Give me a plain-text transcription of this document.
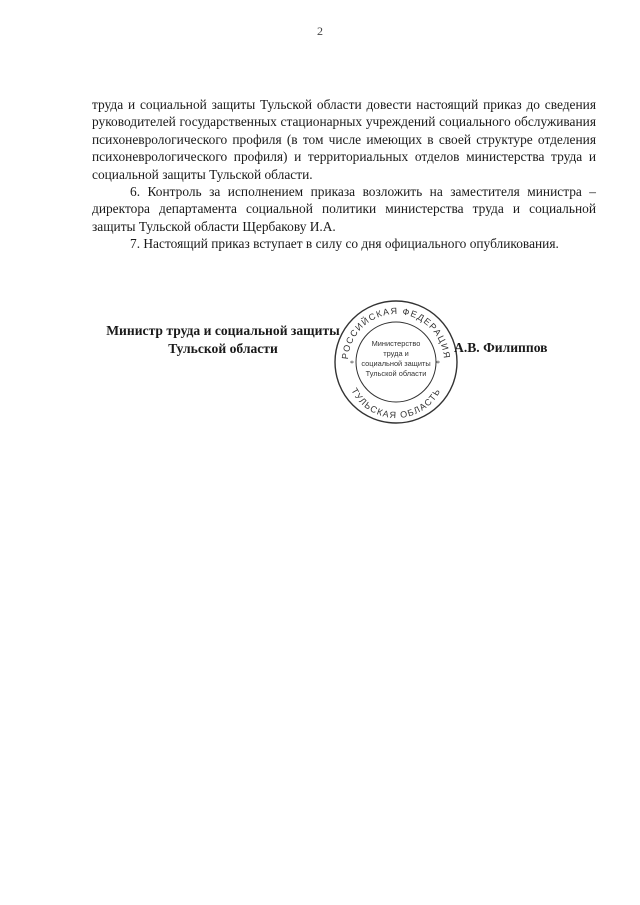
2

труда и социальной защиты Тульской области довести настоящий приказ до сведения руководителей государственных стационарных учреждений социального обслуживания психоневрологического профиля (в том числе имеющих в своей структуре отделения психоневрологического профиля) и территориальных отделов министерства труда и социальной защиты Тульской области.

6. Контроль за исполнением приказа возложить на заместителя министра – директора департамента социальной политики министерства труда и социальной защиты Тульской области Щербакову И.А.

7. Настоящий приказ вступает в силу со дня официального опубликования.

Министр труда и социальной защиты
Тульской области	РОССИЙСКАЯ ФЕДЕРАЦИЯ
ТУЛЬСКАЯ ОБЛАСТЬ
*	*
Министерство
труда и
социальной защиты
Тульской области
А.В. Филиппов
